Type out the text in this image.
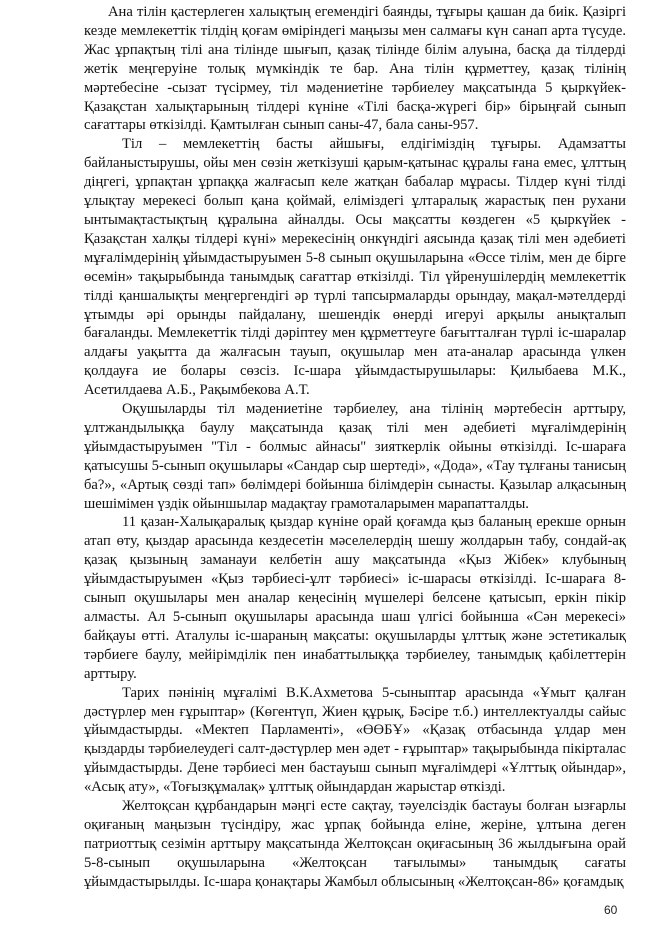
Ана тілін қастерлеген халықтың егемендігі баянды, тұғыры қашан да биік. Қазіргі кезде мемлекеттік тілдің қоғам өміріндегі маңызы мен салмағы күн санап арта түсуде. Жас ұрпақтың тілі ана тілінде шығып, қазақ тілінде білім алуына, басқа да тілдерді жетік меңгеруіне толық мүмкіндік те бар. Ана тілін құрметтеу, қазақ тілінің мәртебесіне -сызат түсірмеу, тіл мәдениетіне тәрбиелеу мақсатында 5 қыркүйек- Қазақстан халықтарының тілдері күніне «Тілі басқа-жүрегі бір» бірыңғай сынып сағаттары өткізілді. Қамтылған сынып саны-47, бала саны-957.

Тіл – мемлекеттің басты айшығы, елдігіміздің тұғыры. Адамзатты байланыстырушы, ойы мен сөзін жеткізуші қарым-қатынас құралы ғана емес, ұлттың діңгегі, ұрпақтан ұрпаққа жалғасып келе жатқан бабалар мұрасы. Тілдер күні тілді ұлықтау мерекесі болып қана қоймай, еліміздегі ұлтаралық жарастық пен рухани ынтымақтастықтың құралына айналды. Осы мақсатты көздеген «5 қыркүйек - Қазақстан халқы тілдері күні» мерекесінің онкүндігі аясында қазақ тілі мен әдебиеті мұғалімдерінің ұйымдастыруымен 5-8 сынып оқушыларына «Өссе тілім, мен де бірге өсемін» тақырыбында танымдық сағаттар өткізілді. Тіл үйренушілердің мемлекеттік тілді қаншалықты меңгергендігі әр түрлі тапсырмаларды орындау, мақал-мәтелдерді ұтымды әрі орынды пайдалану, шешендік өнерді игеруі арқылы анықталып бағаланды. Мемлекеттік тілді дәріптеу мен құрметтеуге бағытталған түрлі іс-шаралар алдағы уақытта да жалғасын тауып, оқушылар мен ата-аналар арасында үлкен қолдауға ие болары сөзсіз. Іс-шара ұйымдастырушылары: Қилыбаева М.К., Асетилдаева А.Б., Рақымбекова А.Т.

Оқушыларды тіл мәдениетіне тәрбиелеу, ана тілінің мәртебесін арттыру, ұлтжандылыққа баулу мақсатында қазақ тілі мен әдебиеті мұғалімдерінің ұйымдастыруымен "Тіл - болмыс айнасы" зияткерлік ойыны өткізілді. Іс-шараға қатысушы 5-сынып оқушылары «Сандар сыр шертеді», «Дода», «Тау тұлғаны танисың ба?», «Артық сөзді тап» бөлімдері бойынша білімдерін сынасты. Қазылар алқасының шешімімен үздік ойыншылар мадақтау грамоталарымен марапатталды.

11 қазан-Халықаралық қыздар күніне орай қоғамда қыз баланың ерекше орнын атап өту, қыздар арасында кездесетін мәселелердің шешу жолдарын табу, сондай-ақ қазақ қызының заманауи келбетін ашу мақсатында «Қыз Жібек» клубының ұйымдастыруымен «Қыз тәрбиесі-ұлт тәрбиесі» іс-шарасы өткізілді. Іс-шараға 8-сынып оқушылары мен аналар кеңесінің мүшелері белсене қатысып, еркін пікір алмасты. Ал 5-сынып оқушылары арасында шаш үлгісі бойынша «Сән мерекесі» байқауы өтті. Аталулы іс-шараның мақсаты: оқушыларды ұлттық және эстетикалық тәрбиеге баулу, мейірімділік пен инабаттылыққа тәрбиелеу, танымдық қабілеттерін арттыру.

Тарих пәнінің мұғалімі В.К.Ахметова 5-сыныптар арасында «Ұмыт қалған дәстүрлер мен ғұрыптар» (Көгентүп, Жиен құрық, Бәсіре т.б.) интеллектуалды сайыс ұйымдастырды. «Мектеп Парламенті», «ӨӨБҰ» «Қазақ отбасында ұлдар мен қыздарды тәрбиелеудегі салт-дәстүрлер мен әдет - ғұрыптар» тақырыбында пікірталас ұйымдастырды. Дене тәрбиесі мен бастауыш сынып мұғалімдері «Ұлттық ойындар», «Асық ату», «Тоғызқұмалақ» ұлттық ойындардан жарыстар өткізді.

Желтоқсан құрбандарын мәңгі есте сақтау, тәуелсіздік бастауы болған ызғарлы оқиғаның маңызын түсіндіру, жас ұрпақ бойында еліне, жеріне, ұлтына деген патриоттық сезімін арттыру мақсатында Желтоқсан оқиғасының 36 жылдығына орай 5-8-сынып оқушыларына «Желтоқсан тағылымы» танымдық сағаты ұйымдастырылды. Іс-шара қонақтары Жамбыл облысының «Желтоқсан-86» қоғамдық

60
